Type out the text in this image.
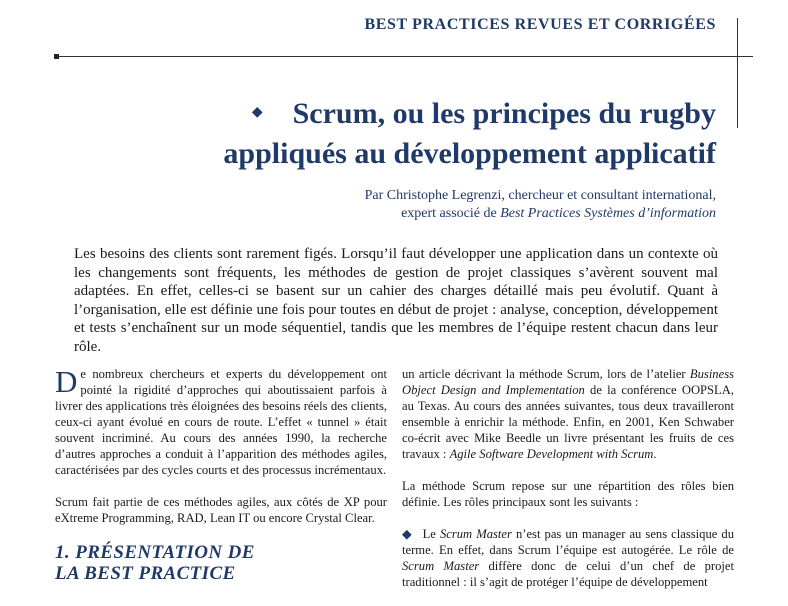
BEST PRACTICES REVUES ET CORRIGÉES
◆ Scrum, ou les principes du rugby
appliqués au développement applicatif
Par Christophe Legrenzi, chercheur et consultant international,
expert associé de Best Practices Systèmes d’information
Les besoins des clients sont rarement figés. Lorsqu’il faut développer une application dans un contexte où les changements sont fréquents, les méthodes de gestion de projet classiques s’avèrent souvent mal adaptées. En effet, celles-ci se basent sur un cahier des charges détaillé mais peu évolutif. Quant à l’organisation, elle est définie une fois pour toutes en début de projet : analyse, conception, développement et tests s’enchaînent sur un mode séquentiel, tandis que les membres de l’équipe restent chacun dans leur rôle.

De nombreux chercheurs et experts du développement ont pointé la rigidité d’approches qui aboutissaient parfois à livrer des applications très éloignées des besoins réels des clients, ceux-ci ayant évolué en cours de route. L’effet « tunnel » était souvent incriminé. Au cours des années 1990, la recherche d’autres approches a conduit à l’apparition des méthodes agiles, caractérisées par des cycles courts et des processus incrémentaux.

Scrum fait partie de ces méthodes agiles, aux côtés de XP pour eXtreme Programming, RAD, Lean IT ou encore Crystal Clear.

1. PRÉSENTATION DE
LA BEST PRACTICE

un article décrivant la méthode Scrum, lors de l’atelier Business Object Design and Implementation de la conférence OOPSLA, au Texas. Au cours des années suivantes, tous deux travailleront ensemble à enrichir la méthode. Enfin, en 2001, Ken Schwaber co-écrit avec Mike Beedle un livre présentant les fruits de ces travaux : Agile Software Development with Scrum.

La méthode Scrum repose sur une répartition des rôles bien définie. Les rôles principaux sont les suivants :

◆ Le Scrum Master n’est pas un manager au sens classique du terme. En effet, dans Scrum l’équipe est autogérée. Le rôle de Scrum Master diffère donc de celui d’un chef de projet traditionnel : il s’agit de protéger l’équipe de développement
